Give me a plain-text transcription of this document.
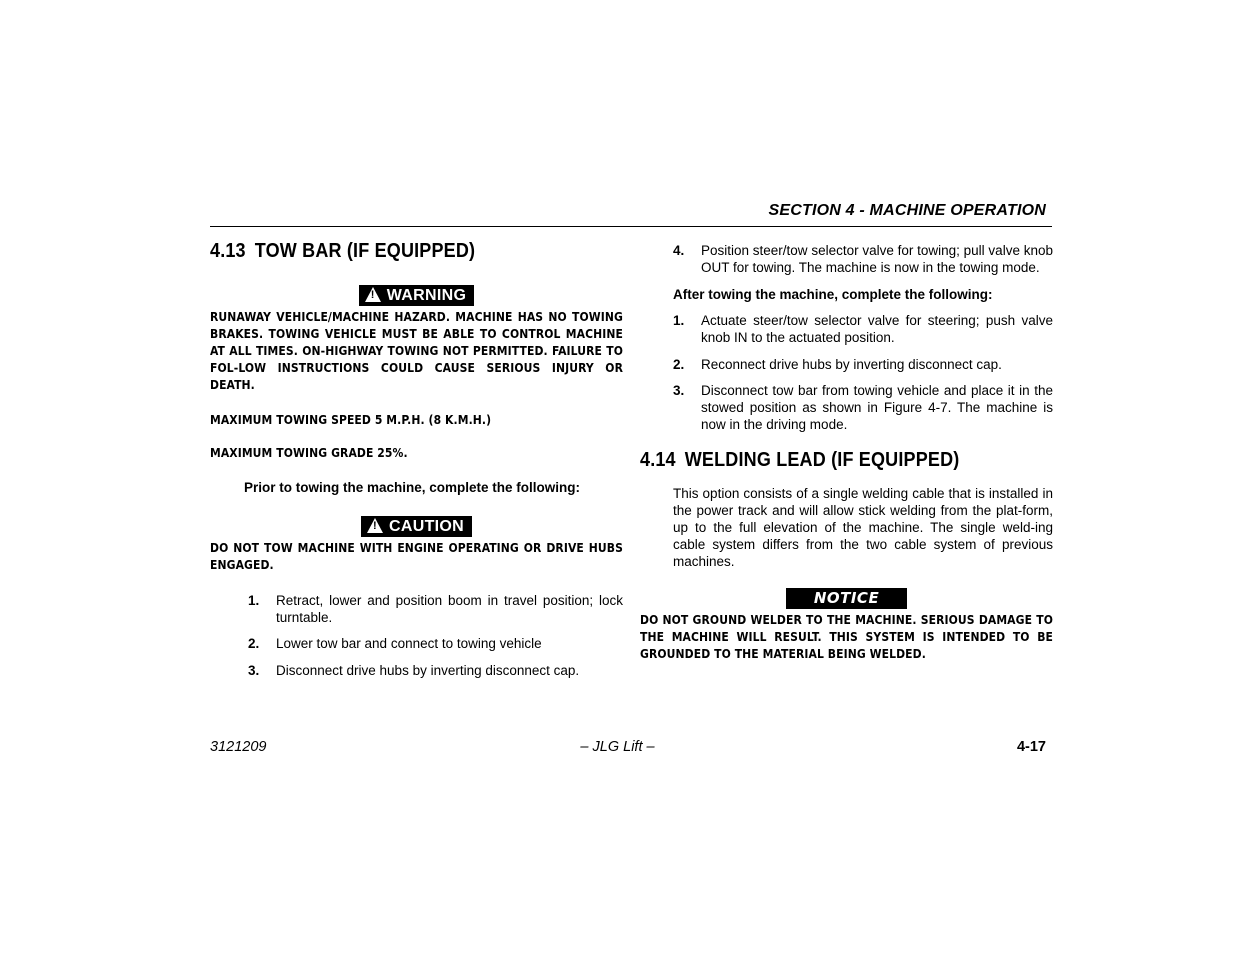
SECTION 4 - MACHINE OPERATION
4.13 TOW BAR (IF EQUIPPED)
!WARNING

RUNAWAY VEHICLE/MACHINE HAZARD. MACHINE HAS NO TOWING BRAKES. TOWING VEHICLE MUST BE ABLE TO CONTROL MACHINE AT ALL TIMES. ON-HIGHWAY TOWING NOT PERMITTED. FAILURE TO FOL-LOW INSTRUCTIONS COULD CAUSE SERIOUS INJURY OR DEATH.

MAXIMUM TOWING SPEED 5 M.P.H. (8 K.M.H.)

MAXIMUM TOWING GRADE 25%.

Prior to towing the machine, complete the following:

!CAUTION

DO NOT TOW MACHINE WITH ENGINE OPERATING OR DRIVE HUBS ENGAGED.

1. Retract, lower and position boom in travel position; lock turntable.
2. Lower tow bar and connect to towing vehicle
3. Disconnect drive hubs by inverting disconnect cap.
4. Position steer/tow selector valve for towing; pull valve knob OUT for towing. The machine is now in the towing mode.

After towing the machine, complete the following:

1. Actuate steer/tow selector valve for steering; push valve knob IN to the actuated position.
2. Reconnect drive hubs by inverting disconnect cap.
3. Disconnect tow bar from towing vehicle and place it in the stowed position as shown in Figure 4-7. The machine is now in the driving mode.
4.14 WELDING LEAD (IF EQUIPPED)

This option consists of a single welding cable that is installed in the power track and will allow stick welding from the plat-form, up to the full elevation of the machine. The single weld-ing cable system differs from the two cable system of previous machines.

NOTICE

DO NOT GROUND WELDER TO THE MACHINE. SERIOUS DAMAGE TO THE MACHINE WILL RESULT. THIS SYSTEM IS INTENDED TO BE GROUNDED TO THE MATERIAL BEING WELDED.

– JLG Lift –
3121209	4-17
